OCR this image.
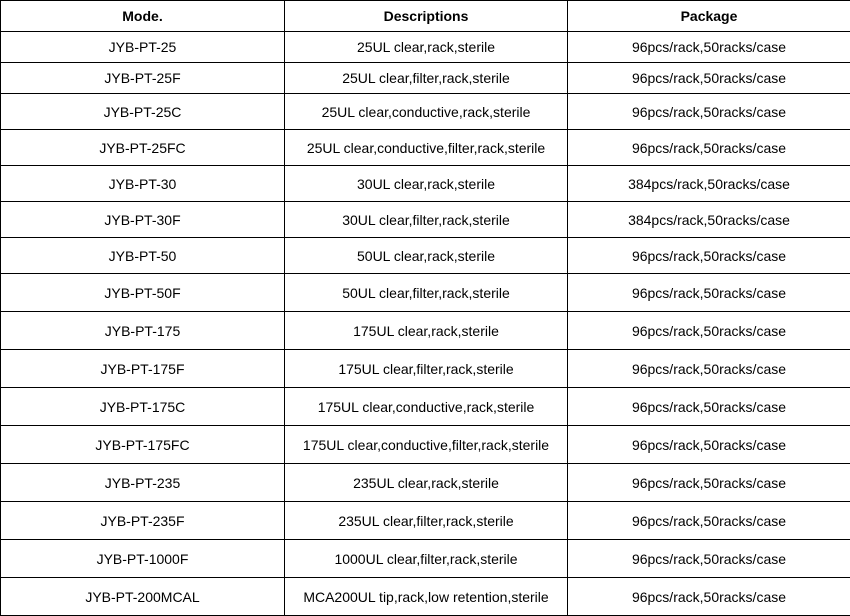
Mode.	Descriptions	Package
JYB-PT-25	25UL clear,rack,sterile	96pcs/rack,50racks/case
JYB-PT-25F	25UL clear,filter,rack,sterile	96pcs/rack,50racks/case
JYB-PT-25C	25UL clear,conductive,rack,sterile	96pcs/rack,50racks/case
JYB-PT-25FC	25UL clear,conductive,filter,rack,sterile	96pcs/rack,50racks/case
JYB-PT-30	30UL clear,rack,sterile	384pcs/rack,50racks/case
JYB-PT-30F	30UL clear,filter,rack,sterile	384pcs/rack,50racks/case
JYB-PT-50	50UL clear,rack,sterile	96pcs/rack,50racks/case
JYB-PT-50F	50UL clear,filter,rack,sterile	96pcs/rack,50racks/case
JYB-PT-175	175UL clear,rack,sterile	96pcs/rack,50racks/case
JYB-PT-175F	175UL clear,filter,rack,sterile	96pcs/rack,50racks/case
JYB-PT-175C	175UL clear,conductive,rack,sterile	96pcs/rack,50racks/case
JYB-PT-175FC	175UL clear,conductive,filter,rack,sterile	96pcs/rack,50racks/case
JYB-PT-235	235UL clear,rack,sterile	96pcs/rack,50racks/case
JYB-PT-235F	235UL clear,filter,rack,sterile	96pcs/rack,50racks/case
JYB-PT-1000F	1000UL clear,filter,rack,sterile	96pcs/rack,50racks/case
JYB-PT-200MCAL	MCA200UL tip,rack,low retention,sterile	96pcs/rack,50racks/case
